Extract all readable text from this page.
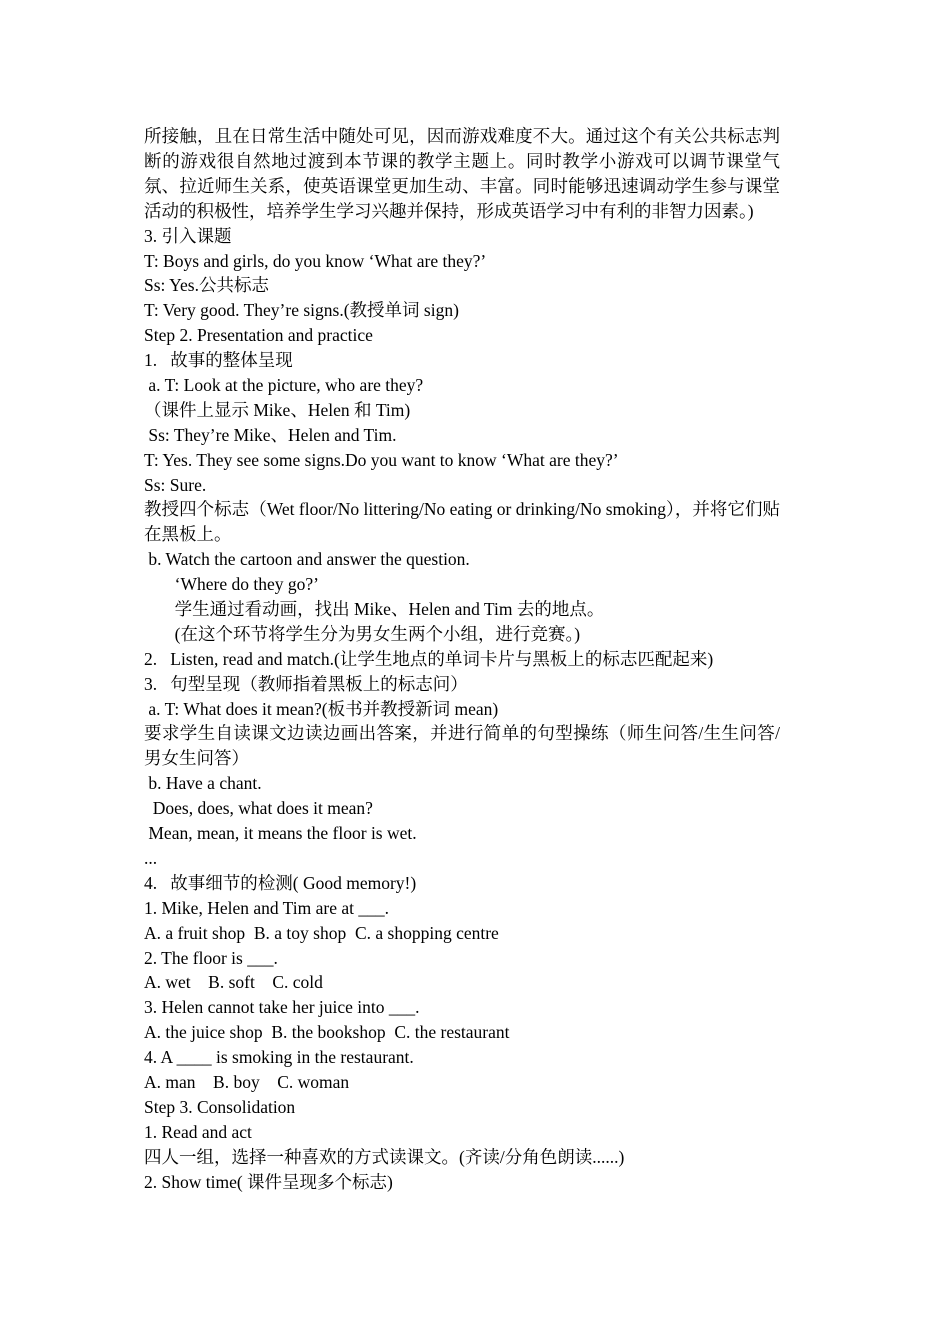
所接触，且在日常生活中随处可见，因而游戏难度不大。通过这个有关公共标志判断的游戏很自然地过渡到本节课的教学主题上。同时教学小游戏可以调节课堂气氛、拉近师生关系，使英语课堂更加生动、丰富。同时能够迅速调动学生参与课堂活动的积极性，培养学生学习兴趣并保持，形成英语学习中有利的非智力因素。)
3. 引入课题
T: Boys and girls, do you know ‘What are they?’
Ss: Yes.公共标志
T: Very good. They’re signs.(教授单词 sign)
Step 2. Presentation and practice
1.   故事的整体呈现
a. T: Look at the picture, who are they?
（课件上显示 Mike、Helen 和 Tim)
Ss: They’re Mike、Helen and Tim.
T: Yes. They see some signs.Do you want to know ‘What are they?’
Ss: Sure.
教授四个标志（Wet floor/No littering/No eating or drinking/No smoking），并将它们贴在黑板上。
b. Watch the cartoon and answer the question.
‘Where do they go?’
学生通过看动画，找出 Mike、Helen and Tim 去的地点。
(在这个环节将学生分为男女生两个小组，进行竞赛。)
2.   Listen, read and match.(让学生地点的单词卡片与黑板上的标志匹配起来)
3.   句型呈现（教师指着黑板上的标志问）
a. T: What does it mean?(板书并教授新词 mean)
要求学生自读课文边读边画出答案，并进行简单的句型操练（师生问答/生生问答/男女生问答）
b. Have a chant.
Does, does, what does it mean?
Mean, mean, it means the floor is wet.
...
4.   故事细节的检测( Good memory!)
1. Mike, Helen and Tim are at ___.
A. a fruit shop  B. a toy shop  C. a shopping centre
2. The floor is ___.
A. wet    B. soft    C. cold
3. Helen cannot take her juice into ___.
A. the juice shop  B. the bookshop  C. the restaurant
4. A ____ is smoking in the restaurant.
A. man    B. boy    C. woman
Step 3. Consolidation
1. Read and act
四人一组，选择一种喜欢的方式读课文。(齐读/分角色朗读......)
2. Show time( 课件呈现多个标志)
